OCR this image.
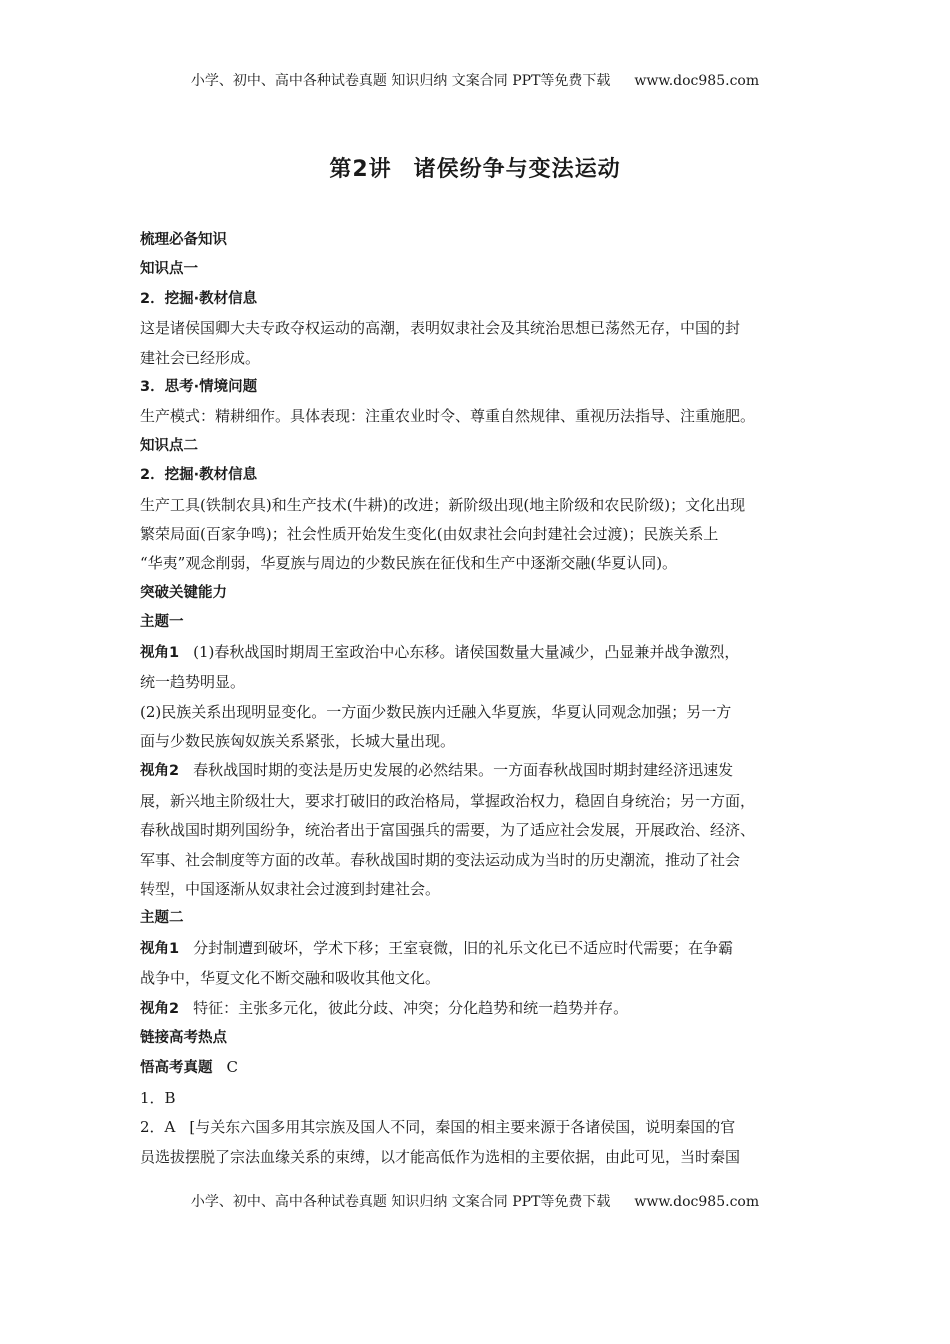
小学、初中、高中各种试卷真题 知识归纳 文案合同 PPT等免费下载 www.doc985.com
第2讲 诸侯纷争与变法运动

梳理必备知识

知识点一

2．挖掘·教材信息

这是诸侯国卿大夫专政夺权运动的高潮，表明奴隶社会及其统治思想已荡然无存，中国的封

建社会已经形成。

3．思考·情境问题

生产模式：精耕细作。具体表现：注重农业时令、尊重自然规律、重视历法指导、注重施肥。

知识点二

2．挖掘·教材信息

生产工具(铁制农具)和生产技术(牛耕)的改进；新阶级出现(地主阶级和农民阶级)；文化出现

繁荣局面(百家争鸣)；社会性质开始发生变化(由奴隶社会向封建社会过渡)；民族关系上

“华夷”观念削弱，华夏族与周边的少数民族在征伐和生产中逐渐交融(华夏认同)。

突破关键能力

主题一

视角1 (1)春秋战国时期周王室政治中心东移。诸侯国数量大量减少，凸显兼并战争激烈，

统一趋势明显。

(2)民族关系出现明显变化。一方面少数民族内迁融入华夏族，华夏认同观念加强；另一方

面与少数民族匈奴族关系紧张，长城大量出现。

视角2 春秋战国时期的变法是历史发展的必然结果。一方面春秋战国时期封建经济迅速发

展，新兴地主阶级壮大，要求打破旧的政治格局，掌握政治权力，稳固自身统治；另一方面，

春秋战国时期列国纷争，统治者出于富国强兵的需要，为了适应社会发展，开展政治、经济、

军事、社会制度等方面的改革。春秋战国时期的变法运动成为当时的历史潮流，推动了社会

转型，中国逐渐从奴隶社会过渡到封建社会。

主题二

视角1 分封制遭到破坏，学术下移；王室衰微，旧的礼乐文化已不适应时代需要；在争霸

战争中，华夏文化不断交融和吸收其他文化。

视角2 特征：主张多元化，彼此分歧、冲突；分化趋势和统一趋势并存。

链接高考热点

悟高考真题 C

1．B

2．A [与关东六国多用其宗族及国人不同，秦国的相主要来源于各诸侯国，说明秦国的官

员选拔摆脱了宗法血缘关系的束缚，以才能高低作为选相的主要依据，由此可见，当时秦国

小学、初中、高中各种试卷真题 知识归纳 文案合同 PPT等免费下载 www.doc985.com
